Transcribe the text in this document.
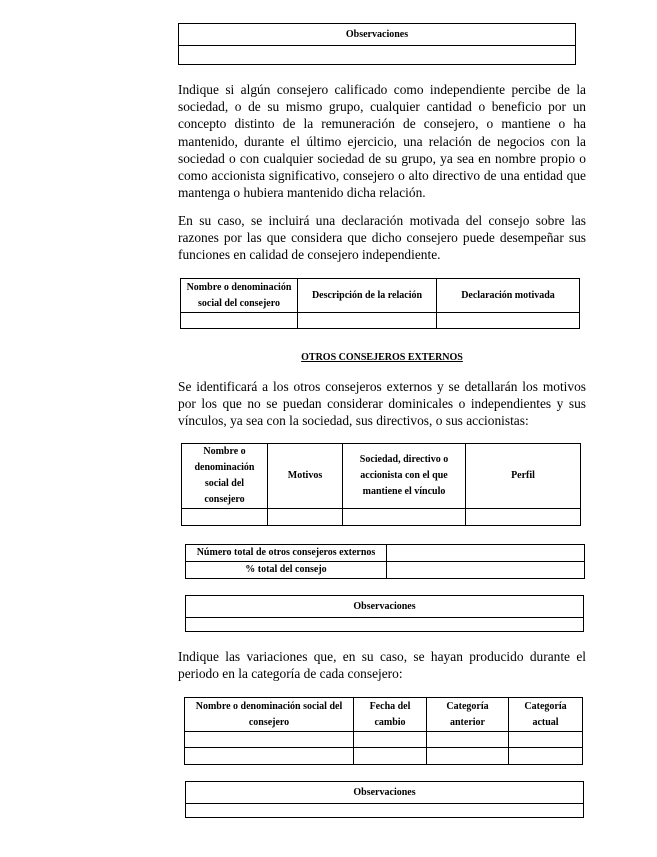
Observaciones

Indique si algún consejero calificado como independiente percibe de la sociedad, o de su mismo grupo, cualquier cantidad o beneficio por un concepto distinto de la remuneración de consejero, o mantiene o ha mantenido, durante el último ejercicio, una relación de negocios con la sociedad o con cualquier sociedad de su grupo, ya sea en nombre propio o como accionista significativo, consejero o alto directivo de una entidad que mantenga o hubiera mantenido dicha relación.
En su caso, se incluirá una declaración motivada del consejo sobre las razones por las que considera que dicho consejero puede desempeñar sus funciones en calidad de consejero independiente.
Nombre o denominación social del consejero	Descripción de la relación	Declaración motivada

OTROS CONSEJEROS EXTERNOS
Se identificará a los otros consejeros externos y se detallarán los motivos por los que no se puedan considerar dominicales o independientes y sus vínculos, ya sea con la sociedad, sus directivos, o sus accionistas:
Nombre o denominación social del consejero	Motivos	Sociedad, directivo o accionista con el que mantiene el vínculo	Perfil

Número total de otros consejeros externos	
% total del consejo	
Observaciones

Indique las variaciones que, en su caso, se hayan producido durante el periodo en la categoría de cada consejero:
Nombre o denominación social del consejero	Fecha del cambio	Categoría anterior	Categoría actual

Observaciones
